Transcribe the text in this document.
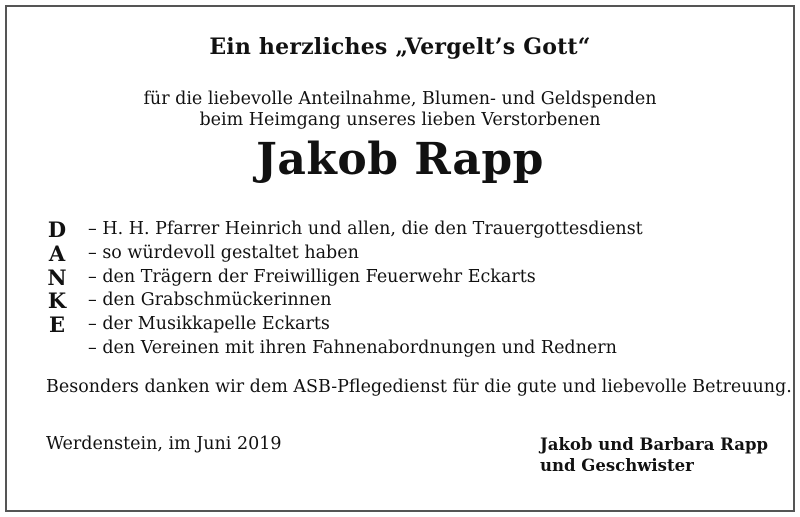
Ein herzliches „Vergelt’s Gott“
für die liebevolle Anteilnahme, Blumen- und Geldspenden
beim Heimgang unseres lieben Verstorbenen
Jakob Rapp
D
A
N
K
E
– H. H. Pfarrer Heinrich und allen, die den Trauergottesdienst
– so würdevoll gestaltet haben
– den Trägern der Freiwilligen Feuerwehr Eckarts
– den Grabschmückerinnen
– der Musikkapelle Eckarts
– den Vereinen mit ihren Fahnenabordnungen und Rednern
Besonders danken wir dem ASB-Pflegedienst für die gute und liebevolle Betreuung.
Werdenstein, im Juni 2019	Jakob und Barbara Rapp
und Geschwister
